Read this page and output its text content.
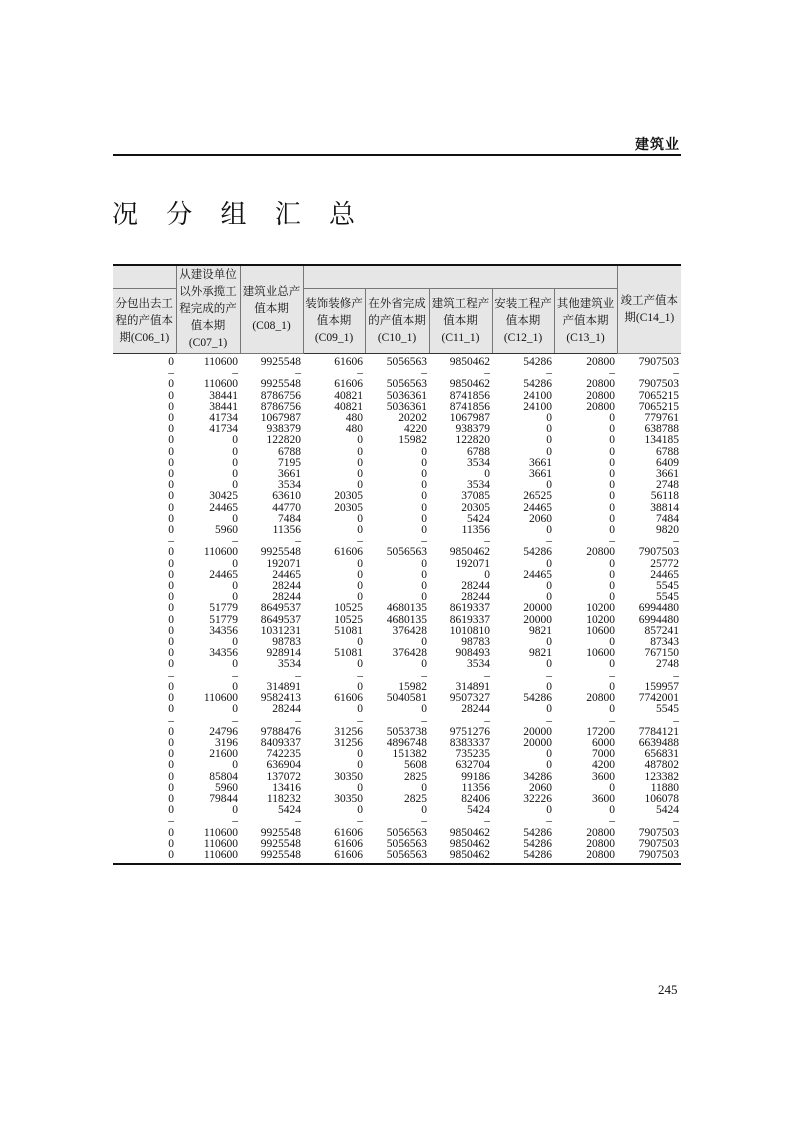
建筑业
况 分 组 汇 总
	从建设单位以外承揽工程完成的产值本期(C07_1)	建筑业总产值本期(C08_1)						竣工产值本期(C14_1)
分包出去工程的产值本期(C06_1)			装饰装修产值本期(C09_1)	在外省完成的产值本期(C10_1)	建筑工程产值本期(C11_1)	安装工程产值本期(C12_1)	其他建筑业产值本期(C13_1)	
0	110600	9925548	61606	5056563	9850462	54286	20800	7907503
–	–	–	–	–	–	–	–	–
0	110600	9925548	61606	5056563	9850462	54286	20800	7907503
0	38441	8786756	40821	5036361	8741856	24100	20800	7065215
0	38441	8786756	40821	5036361	8741856	24100	20800	7065215
0	41734	1067987	480	20202	1067987	0	0	779761
0	41734	938379	480	4220	938379	0	0	638788
0	0	122820	0	15982	122820	0	0	134185
0	0	6788	0	0	6788	0	0	6788
0	0	7195	0	0	3534	3661	0	6409
0	0	3661	0	0	0	3661	0	3661
0	0	3534	0	0	3534	0	0	2748
0	30425	63610	20305	0	37085	26525	0	56118
0	24465	44770	20305	0	20305	24465	0	38814
0	0	7484	0	0	5424	2060	0	7484
0	5960	11356	0	0	11356	0	0	9820
–	–	–	–	–	–	–	–	–
0	110600	9925548	61606	5056563	9850462	54286	20800	7907503
0	0	192071	0	0	192071	0	0	25772
0	24465	24465	0	0	0	24465	0	24465
0	0	28244	0	0	28244	0	0	5545
0	0	28244	0	0	28244	0	0	5545
0	51779	8649537	10525	4680135	8619337	20000	10200	6994480
0	51779	8649537	10525	4680135	8619337	20000	10200	6994480
0	34356	1031231	51081	376428	1010810	9821	10600	857241
0	0	98783	0	0	98783	0	0	87343
0	34356	928914	51081	376428	908493	9821	10600	767150
0	0	3534	0	0	3534	0	0	2748
–	–	–	–	–	–	–	–	–
0	0	314891	0	15982	314891	0	0	159957
0	110600	9582413	61606	5040581	9507327	54286	20800	7742001
0	0	28244	0	0	28244	0	0	5545
–	–	–	–	–	–	–	–	–
0	24796	9788476	31256	5053738	9751276	20000	17200	7784121
0	3196	8409337	31256	4896748	8383337	20000	6000	6639488
0	21600	742235	0	151382	735235	0	7000	656831
0	0	636904	0	5608	632704	0	4200	487802
0	85804	137072	30350	2825	99186	34286	3600	123382
0	5960	13416	0	0	11356	2060	0	11880
0	79844	118232	30350	2825	82406	32226	3600	106078
0	0	5424	0	0	5424	0	0	5424
–	–	–	–	–	–	–	–	–
0	110600	9925548	61606	5056563	9850462	54286	20800	7907503
0	110600	9925548	61606	5056563	9850462	54286	20800	7907503
0	110600	9925548	61606	5056563	9850462	54286	20800	7907503
245
